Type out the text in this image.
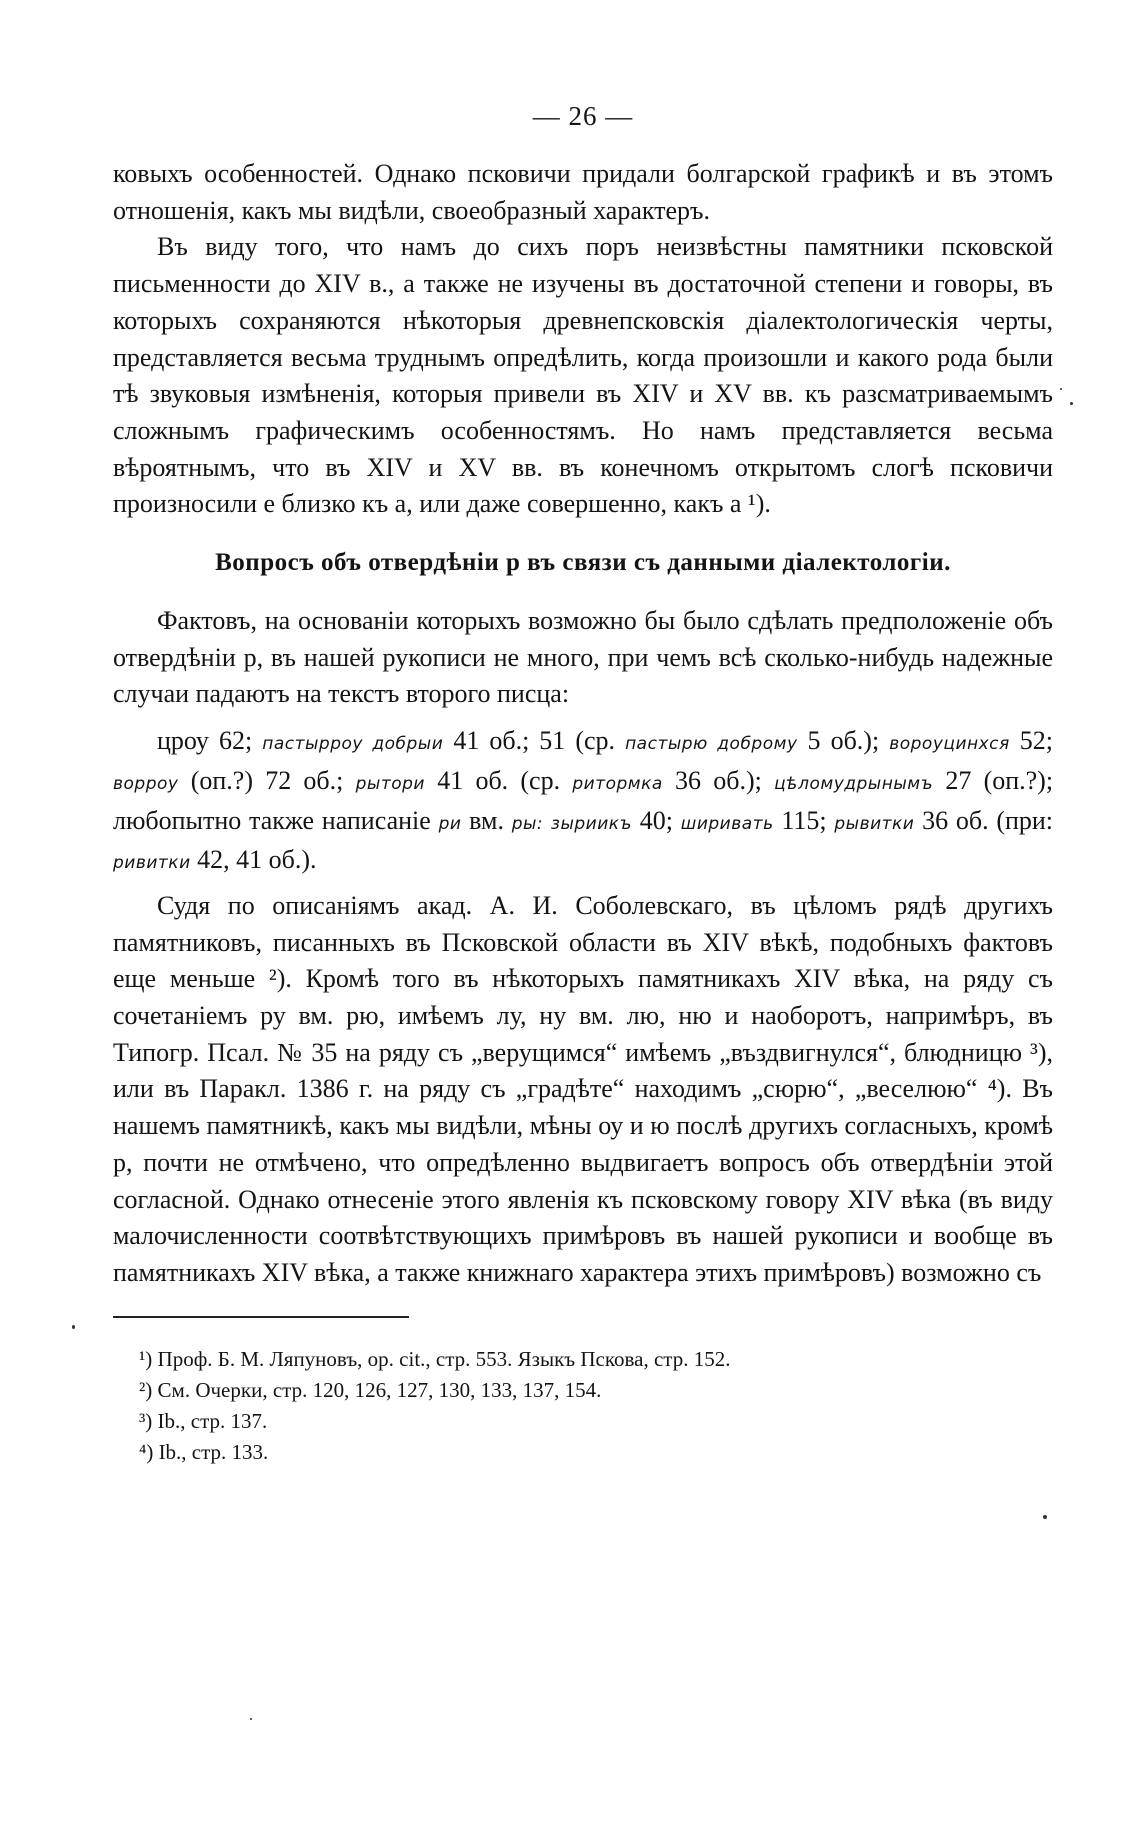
— 26 —

ковыхъ особенностей. Однако псковичи придали болгарской графикѣ и въ этомъ отношенія, какъ мы видѣли, своеобразный характеръ.

Въ виду того, что намъ до сихъ поръ неизвѣстны памятники псковской письменности до XIV в., а также не изучены въ достаточной степени и говоры, въ которыхъ сохраняются нѣкоторыя древнепсковскія діалектологическія черты, представляется весьма труднымъ опредѣлить, когда произошли и какого рода были тѣ звуковыя измѣненія, которыя привели въ XIV и XV вв. къ разсматриваемымъ сложнымъ графическимъ особенностямъ. Но намъ представляется весьма вѣроятнымъ, что въ XIV и XV вв. въ конечномъ открытомъ слогѣ псковичи произносили е близко къ а, или даже совершенно, какъ а ¹).

Вопросъ объ отвердѣніи р въ связи съ данными діалектологіи.

Фактовъ, на основаніи которыхъ возможно бы было сдѣлать предположеніе объ отвердѣніи р, въ нашей рукописи не много, при чемъ всѣ сколько-нибудь надежные случаи падаютъ на текстъ второго писца:

цроу 62; пастырроу добрыи 41 об.; 51 (ср. пастырю доброму 5 об.); вороуцинхся 52; ворроу (оп.?) 72 об.; рытори 41 об. (ср. ритормка 36 об.); цѣломудрынымъ 27 (оп.?); любопытно также написаніе ри вм. ры: зыриикъ 40; ширивать 115; рывитки 36 об. (при: ривитки 42, 41 об.).

Судя по описаніямъ акад. А. И. Соболевскаго, въ цѣломъ рядѣ другихъ памятниковъ, писанныхъ въ Псковской области въ XIV вѣкѣ, подобныхъ фактовъ еще меньше ²). Кромѣ того въ нѣкоторыхъ памятникахъ XIV вѣка, на ряду съ сочетаніемъ ру вм. рю, имѣемъ лу, ну вм. лю, ню и наоборотъ, напримѣръ, въ Типогр. Псал. № 35 на ряду съ „верущимся“ имѣемъ „въздвигнулся“, блюдницю ³), или въ Паракл. 1386 г. на ряду съ „градѣте“ находимъ „сюрю“, „веселюю“ ⁴). Въ нашемъ памятникѣ, какъ мы видѣли, мѣны оу и ю послѣ другихъ согласныхъ, кромѣ р, почти не отмѣчено, что опредѣленно выдвигаетъ вопросъ объ отвердѣніи этой согласной. Однако отнесеніе этого явленія къ псковскому говору XIV вѣка (въ виду малочисленности соотвѣтствующихъ примѣровъ въ нашей рукописи и вообще въ памятникахъ XIV вѣка, а также книжнаго характера этихъ примѣровъ) возможно съ

¹) Проф. Б. М. Ляпуновъ, op. cit., стр. 553. Языкъ Пскова, стр. 152.

²) См. Очерки, стр. 120, 126, 127, 130, 133, 137, 154.

³) Ib., стр. 137.

⁴) Ib., стр. 133.
